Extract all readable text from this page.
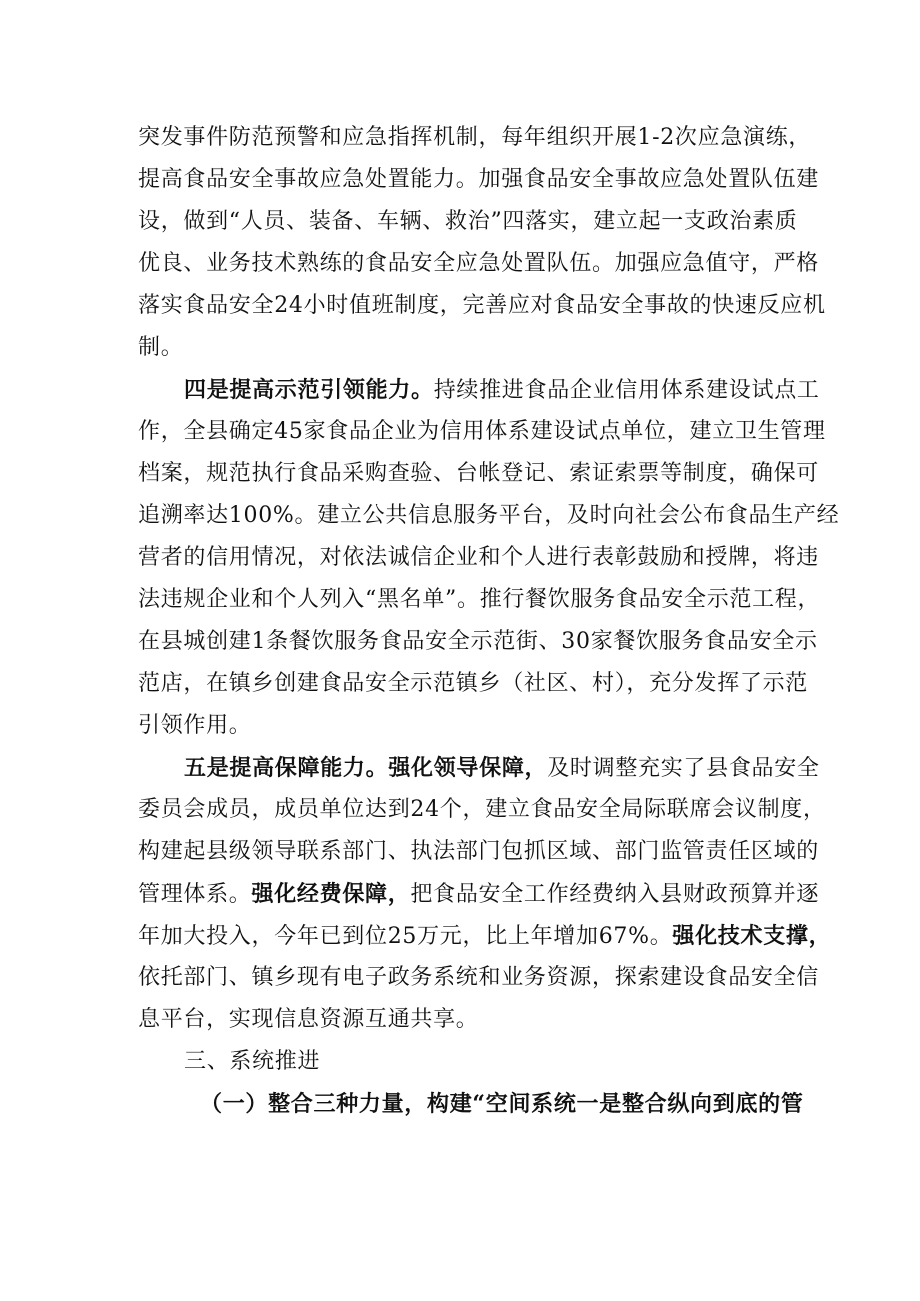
突发事件防范预警和应急指挥机制，每年组织开展1-2次应急演练，
提高食品安全事故应急处置能力。加强食品安全事故应急处置队伍建
设，做到“人员、装备、车辆、救治”四落实，建立起一支政治素质
优良、业务技术熟练的食品安全应急处置队伍。加强应急值守，严格
落实食品安全24小时值班制度，完善应对食品安全事故的快速反应机
制。
四是提高示范引领能力。持续推进食品企业信用体系建设试点工
作，全县确定45家食品企业为信用体系建设试点单位，建立卫生管理
档案，规范执行食品采购查验、台帐登记、索证索票等制度，确保可
追溯率达100%。建立公共信息服务平台，及时向社会公布食品生产经
营者的信用情况，对依法诚信企业和个人进行表彰鼓励和授牌，将违
法违规企业和个人列入“黑名单”。推行餐饮服务食品安全示范工程，
在县城创建1条餐饮服务食品安全示范街、30家餐饮服务食品安全示
范店，在镇乡创建食品安全示范镇乡（社区、村），充分发挥了示范
引领作用。
五是提高保障能力。强化领导保障，及时调整充实了县食品安全
委员会成员，成员单位达到24个，建立食品安全局际联席会议制度，
构建起县级领导联系部门、执法部门包抓区域、部门监管责任区域的
管理体系。强化经费保障，把食品安全工作经费纳入县财政预算并逐
年加大投入，今年已到位25万元，比上年增加67%。强化技术支撑，
依托部门、镇乡现有电子政务系统和业务资源，探索建设食品安全信
息平台，实现信息资源互通共享。
三、系统推进
（一）整合三种力量，构建“空间系统一是整合纵向到底的管
